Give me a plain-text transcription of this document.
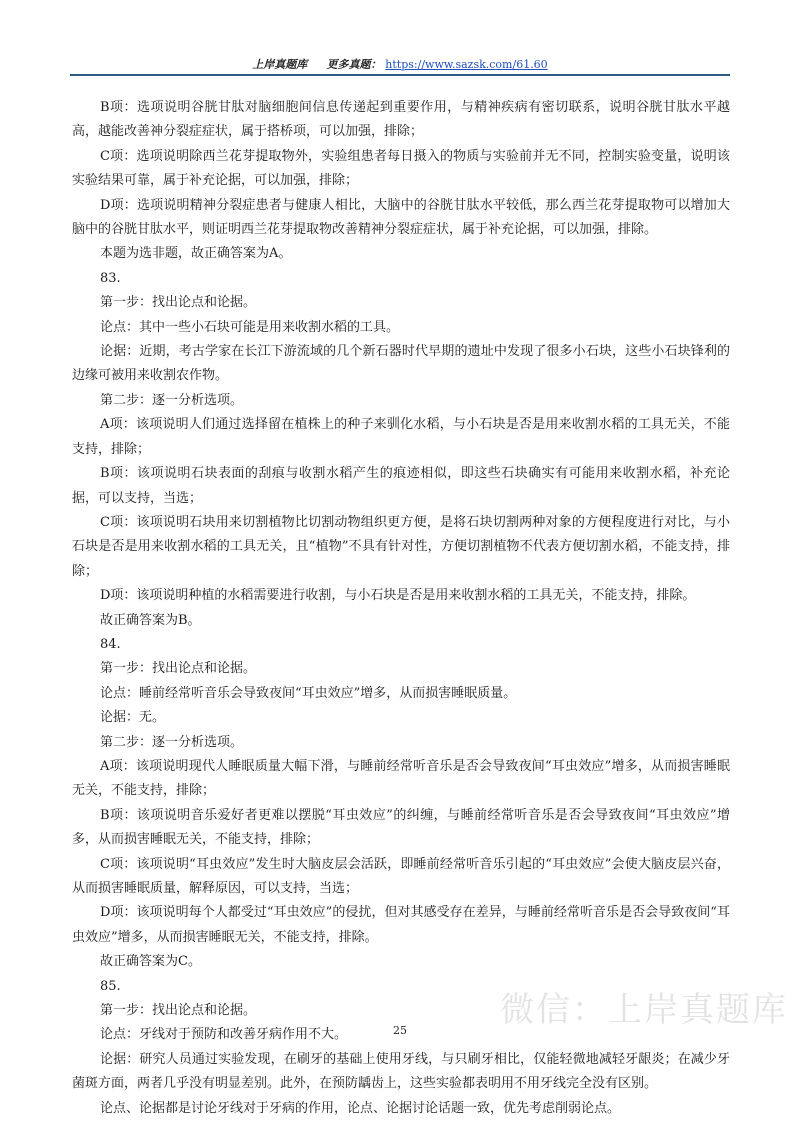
上岸真题库 更多真题： https://www.sazsk.com/61.60

B项：选项说明谷胱甘肽对脑细胞间信息传递起到重要作用，与精神疾病有密切联系，说明谷胱甘肽水平越高，越能改善神分裂症症状，属于搭桥项，可以加强，排除；

C项：选项说明除西兰花芽提取物外，实验组患者每日摄入的物质与实验前并无不同，控制实验变量，说明该实验结果可靠，属于补充论据，可以加强，排除；

D项：选项说明精神分裂症患者与健康人相比，大脑中的谷胱甘肽水平较低，那么西兰花芽提取物可以增加大脑中的谷胱甘肽水平，则证明西兰花芽提取物改善精神分裂症症状，属于补充论据，可以加强，排除。

本题为选非题，故正确答案为A。

83.

第一步：找出论点和论据。

论点：其中一些小石块可能是用来收割水稻的工具。

论据：近期，考古学家在长江下游流域的几个新石器时代早期的遗址中发现了很多小石块，这些小石块锋利的边缘可被用来收割农作物。

第二步：逐一分析选项。

A项：该项说明人们通过选择留在植株上的种子来驯化水稻，与小石块是否是用来收割水稻的工具无关，不能支持，排除；

B项：该项说明石块表面的刮痕与收割水稻产生的痕迹相似，即这些石块确实有可能用来收割水稻，补充论据，可以支持，当选；

C项：该项说明石块用来切割植物比切割动物组织更方便，是将石块切割两种对象的方便程度进行对比，与小石块是否是用来收割水稻的工具无关，且“植物”不具有针对性，方便切割植物不代表方便切割水稻，不能支持，排除；

D项：该项说明种植的水稻需要进行收割，与小石块是否是用来收割水稻的工具无关，不能支持，排除。

故正确答案为B。

84.

第一步：找出论点和论据。

论点：睡前经常听音乐会导致夜间“耳虫效应”增多，从而损害睡眠质量。

论据：无。

第二步：逐一分析选项。

A项：该项说明现代人睡眠质量大幅下滑，与睡前经常听音乐是否会导致夜间“耳虫效应”增多，从而损害睡眠无关，不能支持，排除；

B项：该项说明音乐爱好者更难以摆脱“耳虫效应”的纠缠，与睡前经常听音乐是否会导致夜间“耳虫效应”增多，从而损害睡眠无关，不能支持，排除；

C项：该项说明“耳虫效应”发生时大脑皮层会活跃，即睡前经常听音乐引起的“耳虫效应”会使大脑皮层兴奋，从而损害睡眠质量，解释原因，可以支持，当选；

D项：该项说明每个人都受过“耳虫效应”的侵扰，但对其感受存在差异，与睡前经常听音乐是否会导致夜间“耳虫效应”增多，从而损害睡眠无关，不能支持，排除。

故正确答案为C。

85.

第一步：找出论点和论据。

论点：牙线对于预防和改善牙病作用不大。

论据：研究人员通过实验发现，在刷牙的基础上使用牙线，与只刷牙相比，仅能轻微地减轻牙龈炎；在减少牙菌斑方面，两者几乎没有明显差别。此外，在预防龋齿上，这些实验都表明用不用牙线完全没有区别。

论点、论据都是讨论牙线对于牙病的作用，论点、论据讨论话题一致，优先考虑削弱论点。

微信：上岸真题库
25
